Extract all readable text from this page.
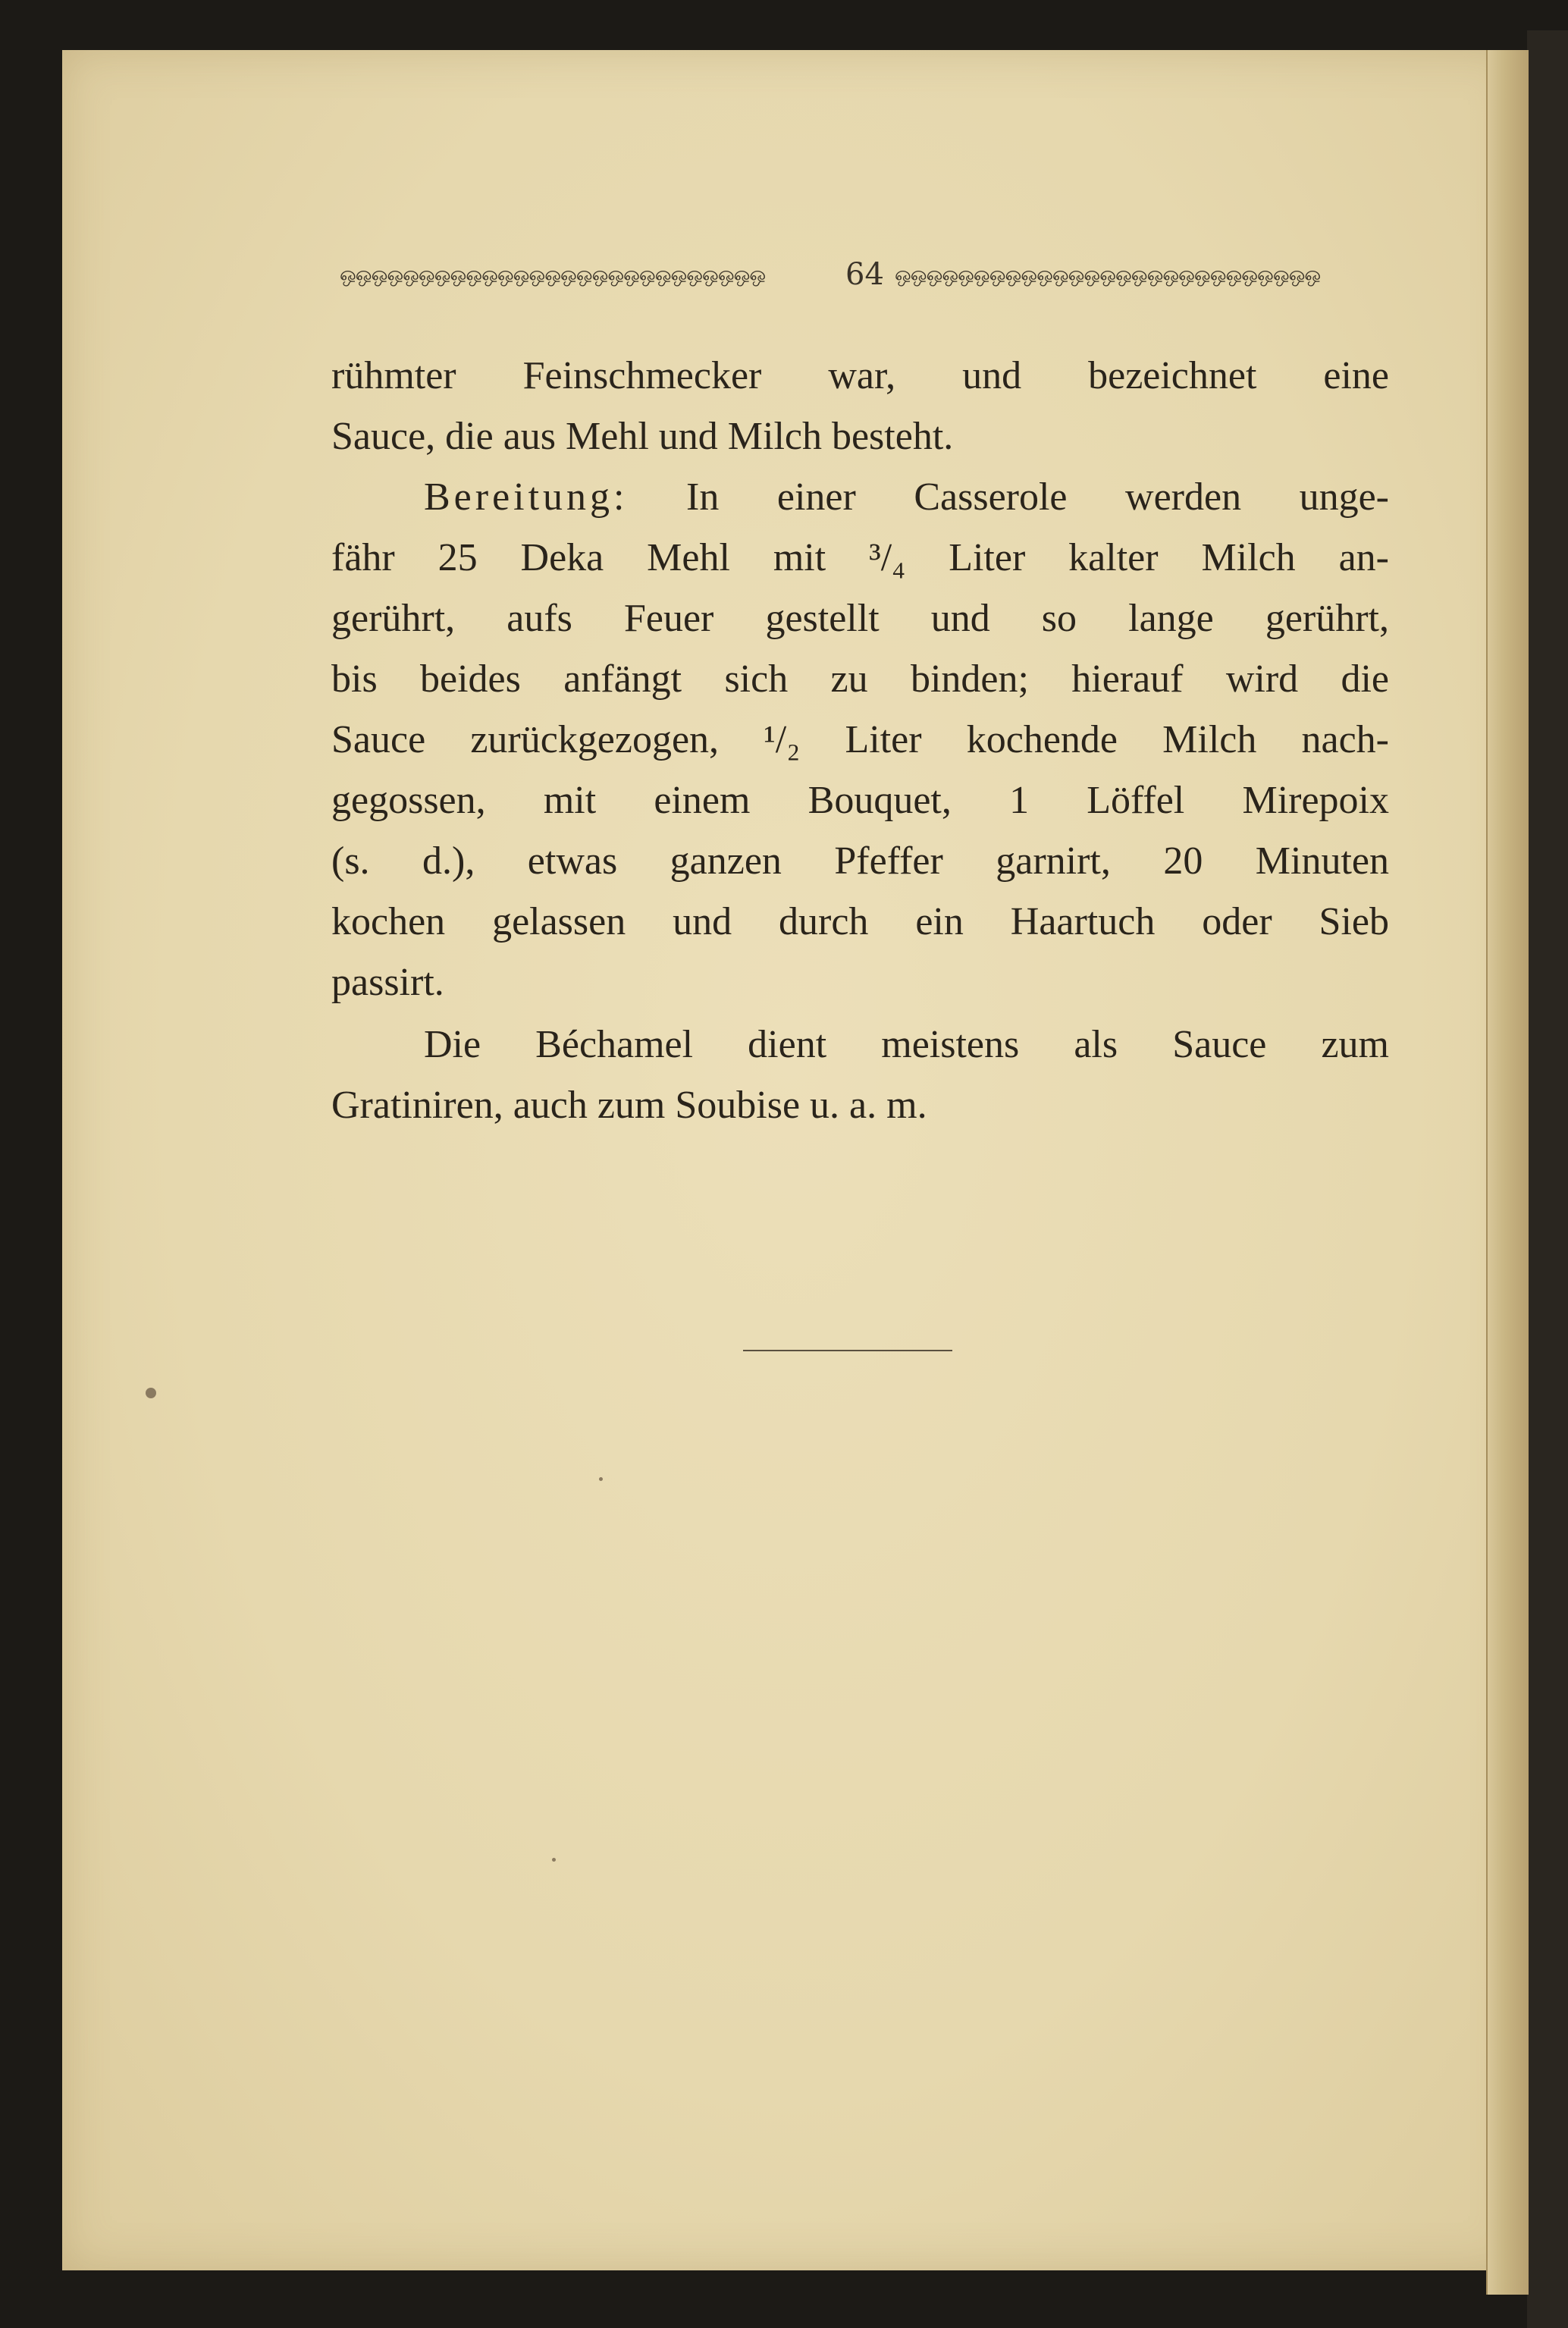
ஒஒஒஒஒஒஒஒஒஒஒஒஒஒஒஒஒஒஒஒஒஒஒஒஒஒஒ	64 ஒஒஒஒஒஒஒஒஒஒஒஒஒஒஒஒஒஒஒஒஒஒஒஒஒஒஒ
rühmter Feinschmecker war, und bezeichnet eine
Sauce, die aus Mehl und Milch besteht.
Bereitung: In einer Casserole werden unge-
fähr 25 Deka Mehl mit ³/₄ Liter kalter Milch an-
gerührt, aufs Feuer gestellt und so lange gerührt,
bis beides anfängt sich zu binden; hierauf wird die
Sauce zurückgezogen, ¹/₂ Liter kochende Milch nach-
gegossen, mit einem Bouquet, 1 Löffel Mirepoix
(s. d.), etwas ganzen Pfeffer garnirt, 20 Minuten
kochen gelassen und durch ein Haartuch oder Sieb
passirt.
Die Béchamel dient meistens als Sauce zum
Gratiniren, auch zum Soubise u. a. m.
